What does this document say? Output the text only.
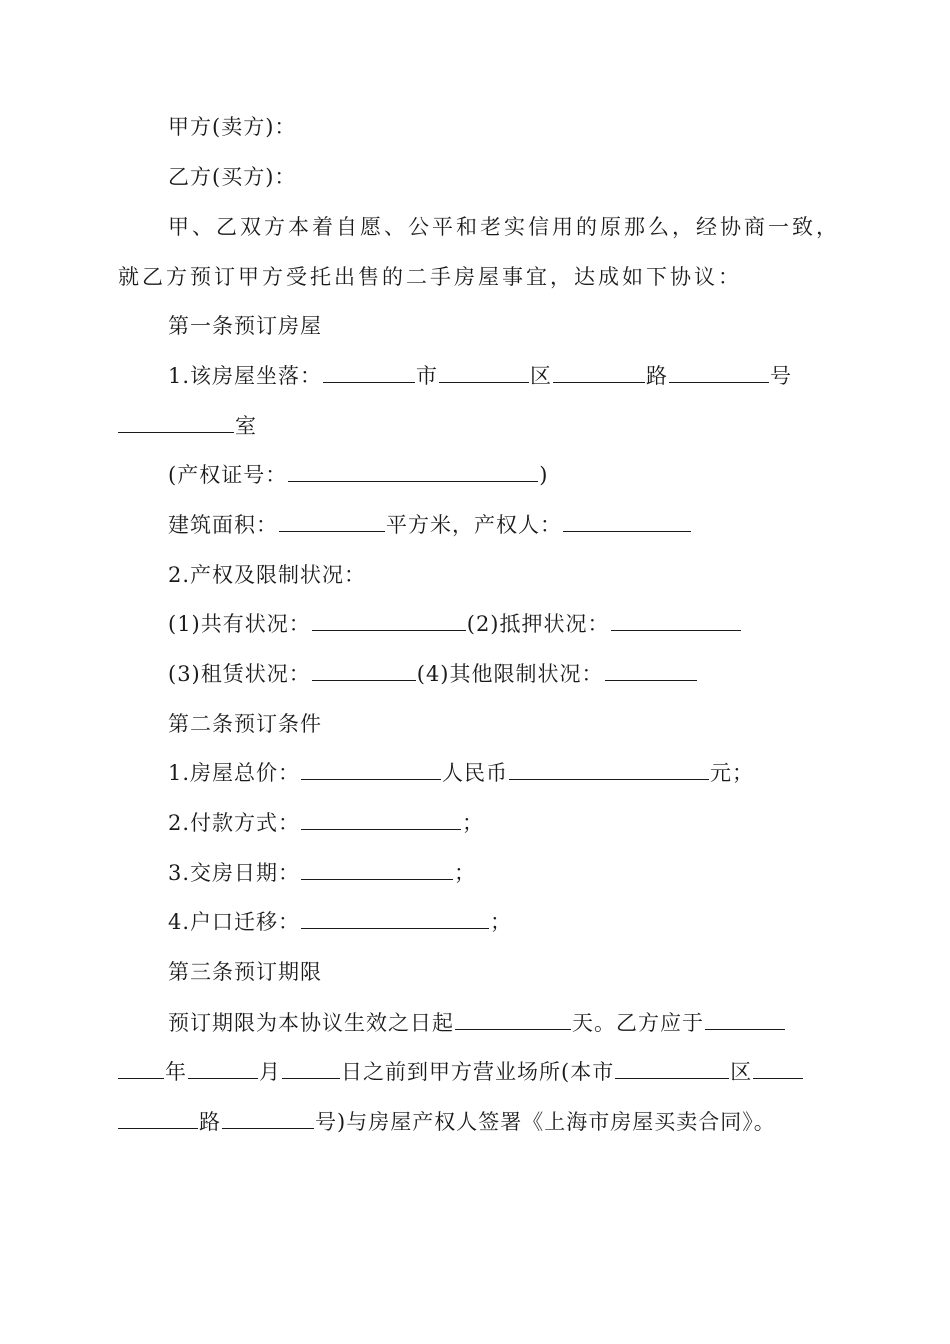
甲方(卖方)：
乙方(买方)：
甲、乙双方本着自愿、公平和老实信用的原那么，经协商一致，
就乙方预订甲方受托出售的二手房屋事宜，达成如下协议：
第一条预订房屋
1.该房屋坐落：	市	区	路	号
室
(产权证号：	)
建筑面积：	平方米，产权人：
2.产权及限制状况：
(1)共有状况：	(2)抵押状况：
(3)租赁状况：	(4)其他限制状况：
第二条预订条件
1.房屋总价：	人民币	元；
2.付款方式：	；
3.交房日期：	；
4.户口迁移：	；
第三条预订期限
预订期限为本协议生效之日起	天。乙方应于
年	月	日之前到甲方营业场所(本市	区
路	号)与房屋产权人签署《上海市房屋买卖合同》。
